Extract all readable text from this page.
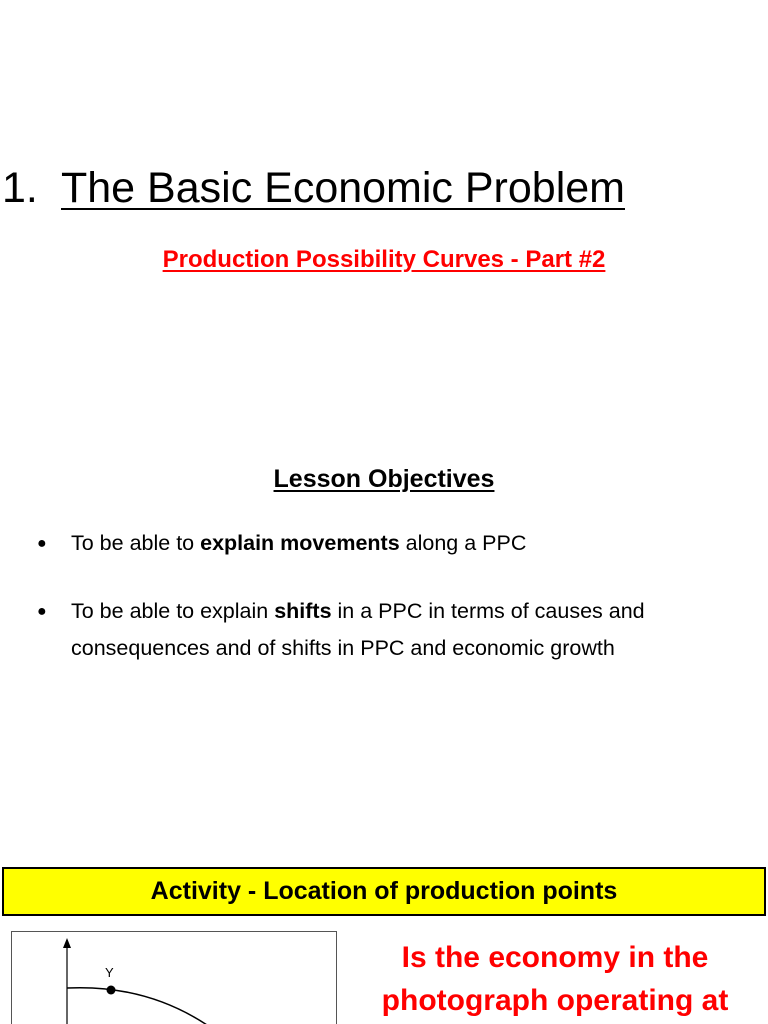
1. The Basic Economic Problem
Production Possibility Curves - Part #2
Lesson Objectives
● To be able to explain movements along a PPC
● To be able to explain shifts in a PPC in terms of causes and consequences and of shifts in PPC and economic growth
Activity - Location of production points
Y	Is the economy in the photograph operating at
